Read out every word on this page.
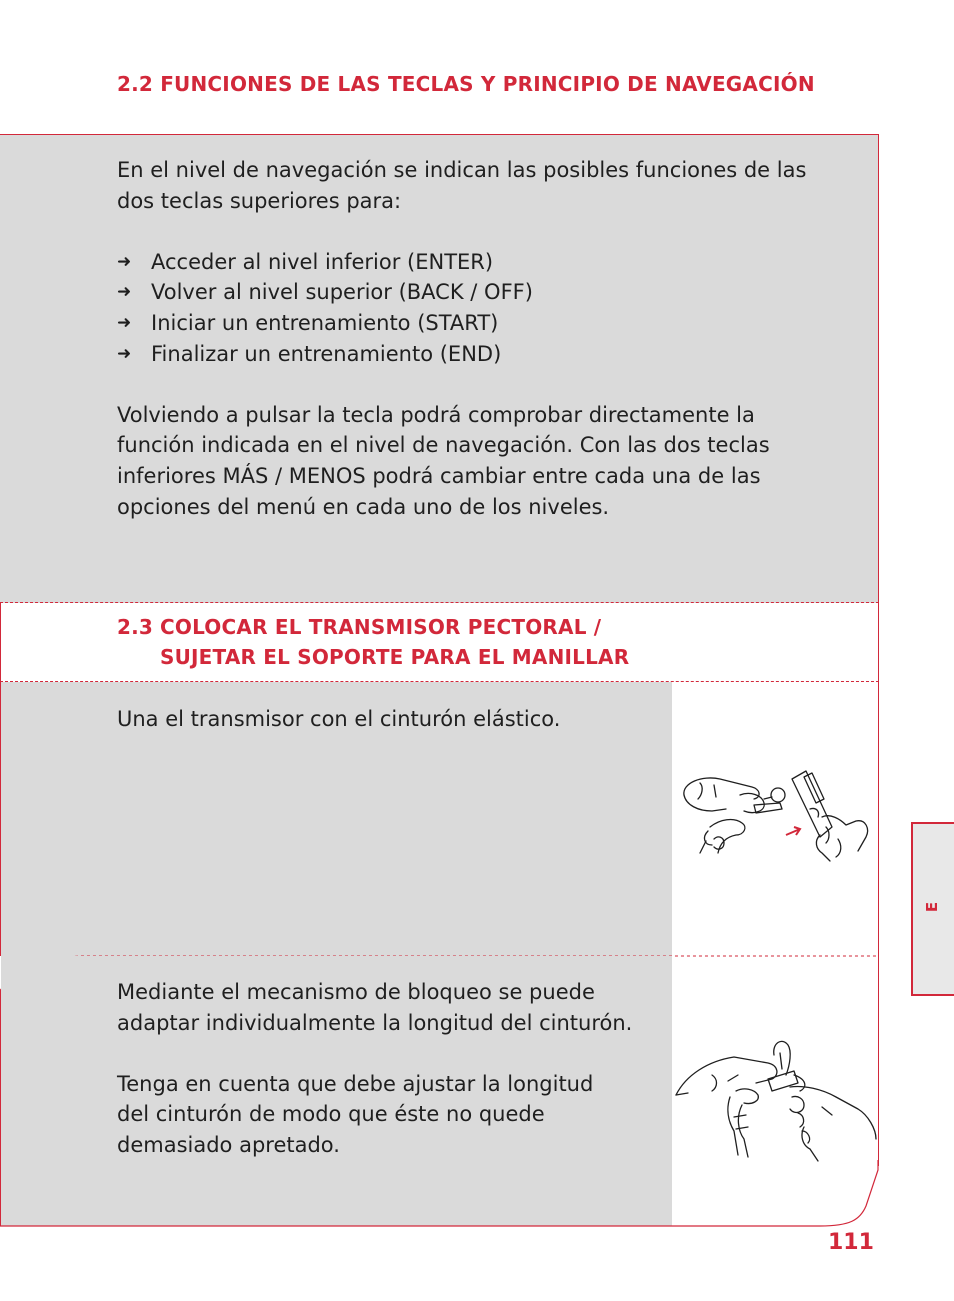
2.2 FUNCIONES DE LAS TECLAS Y PRINCIPIO DE NAVEGACIÓN

En el nivel de navegación se indican las posibles funciones de las

dos teclas superiores para:

➜ Acceder al nivel inferior (ENTER)
➜ Volver al nivel superior (BACK / OFF)
➜ Iniciar un entrenamiento (START)
➜ Finalizar un entrenamiento (END)

Volviendo a pulsar la tecla podrá comprobar directamente la

función indicada en el nivel de navegación. Con las dos teclas

inferiores MÁS / MENOS podrá cambiar entre cada una de las

opciones del menú en cada uno de los niveles.

2.3 COLOCAR EL TRANSMISOR PECTORAL /
SUJETAR EL SOPORTE PARA EL MANILLAR
Una el transmisor con el cinturón elástico.

Mediante el mecanismo de bloqueo se puede

adaptar individualmente la longitud del cinturón.

Tenga en cuenta que debe ajustar la longitud

del cinturón de modo que éste no quede

demasiado apretado.

E
111
